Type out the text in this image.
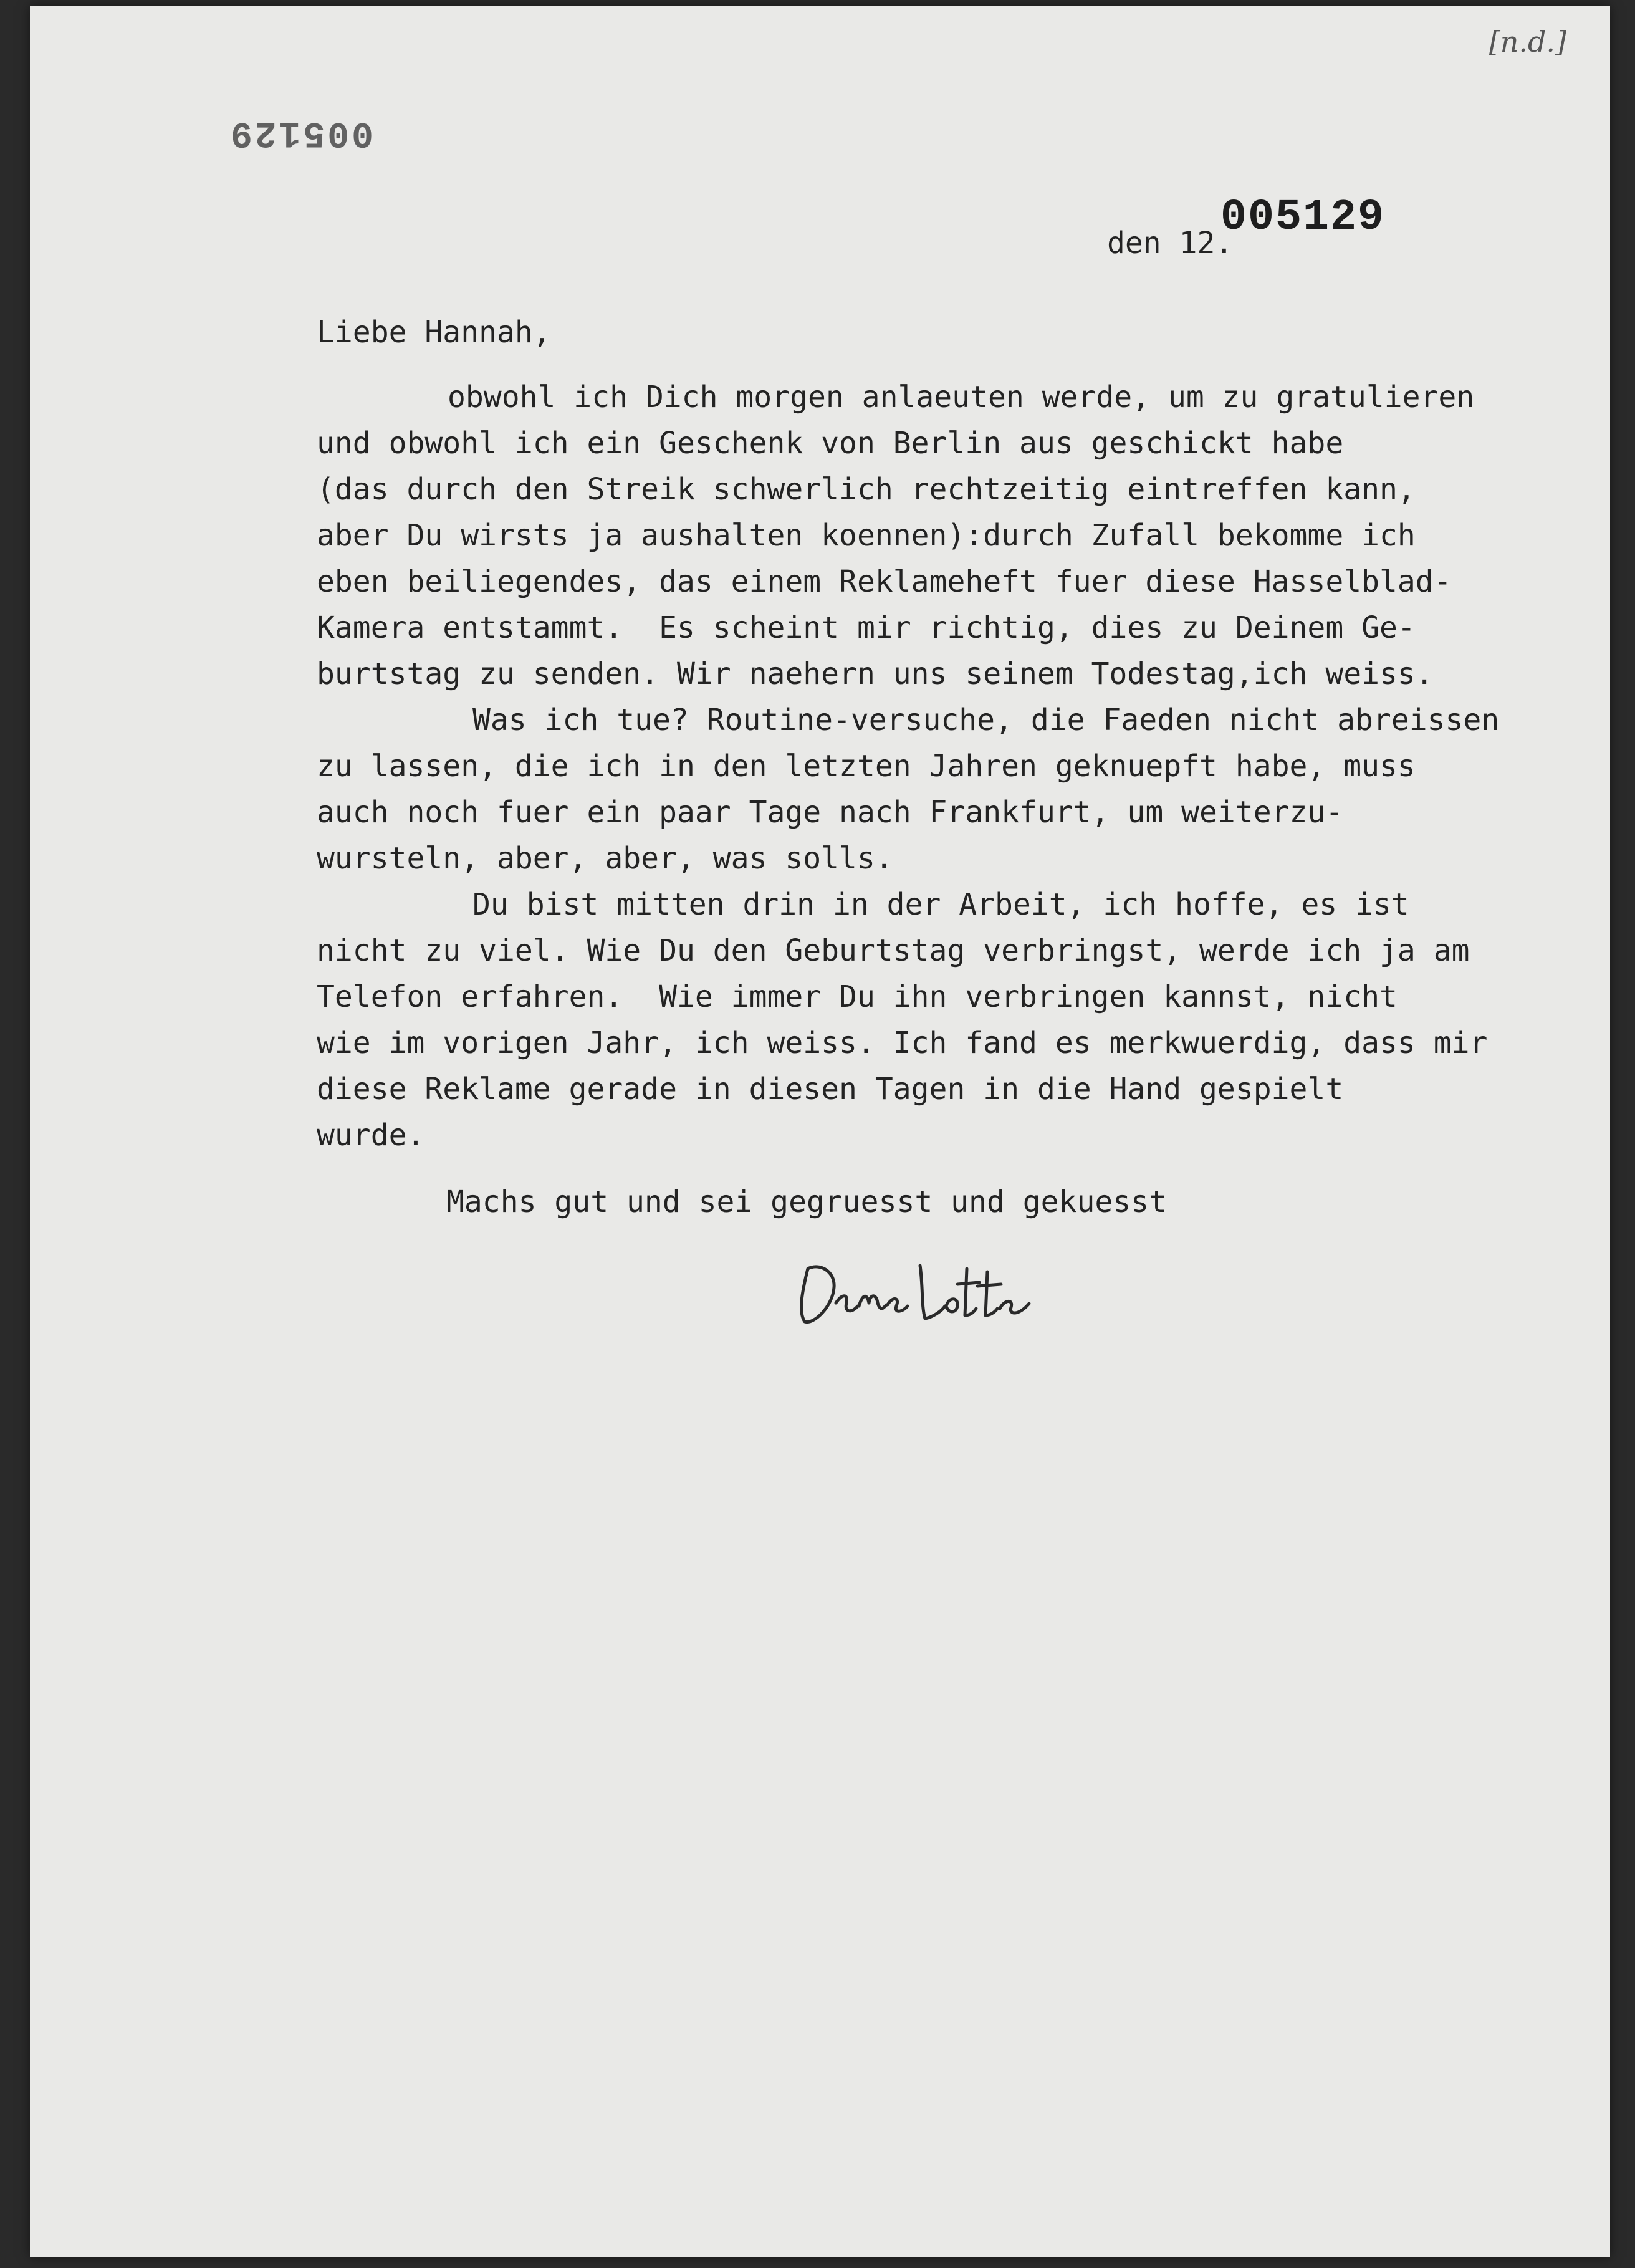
[n.d.]
005129
005129
den 12.
Liebe Hannah,
obwohl ich Dich morgen anlaeuten werde, um zu gratulieren
und obwohl ich ein Geschenk von Berlin aus geschickt habe
(das durch den Streik schwerlich rechtzeitig eintreffen kann,
aber Du wirsts ja aushalten koennen):durch Zufall bekomme ich
eben beiliegendes, das einem Reklameheft fuer diese Hasselblad-
Kamera entstammt.  Es scheint mir richtig, dies zu Deinem Ge-
burtstag zu senden. Wir naehern uns seinem Todestag,ich weiss.
Was ich tue? Routine-versuche, die Faeden nicht abreissen
zu lassen, die ich in den letzten Jahren geknuepft habe, muss
auch noch fuer ein paar Tage nach Frankfurt, um weiterzu-
wursteln, aber, aber, was solls.
Du bist mitten drin in der Arbeit, ich hoffe, es ist
nicht zu viel. Wie Du den Geburtstag verbringst, werde ich ja am
Telefon erfahren.  Wie immer Du ihn verbringen kannst, nicht
wie im vorigen Jahr, ich weiss. Ich fand es merkwuerdig, dass mir
diese Reklame gerade in diesen Tagen in die Hand gespielt
wurde.
Machs gut und sei gegruesst und gekuesst
